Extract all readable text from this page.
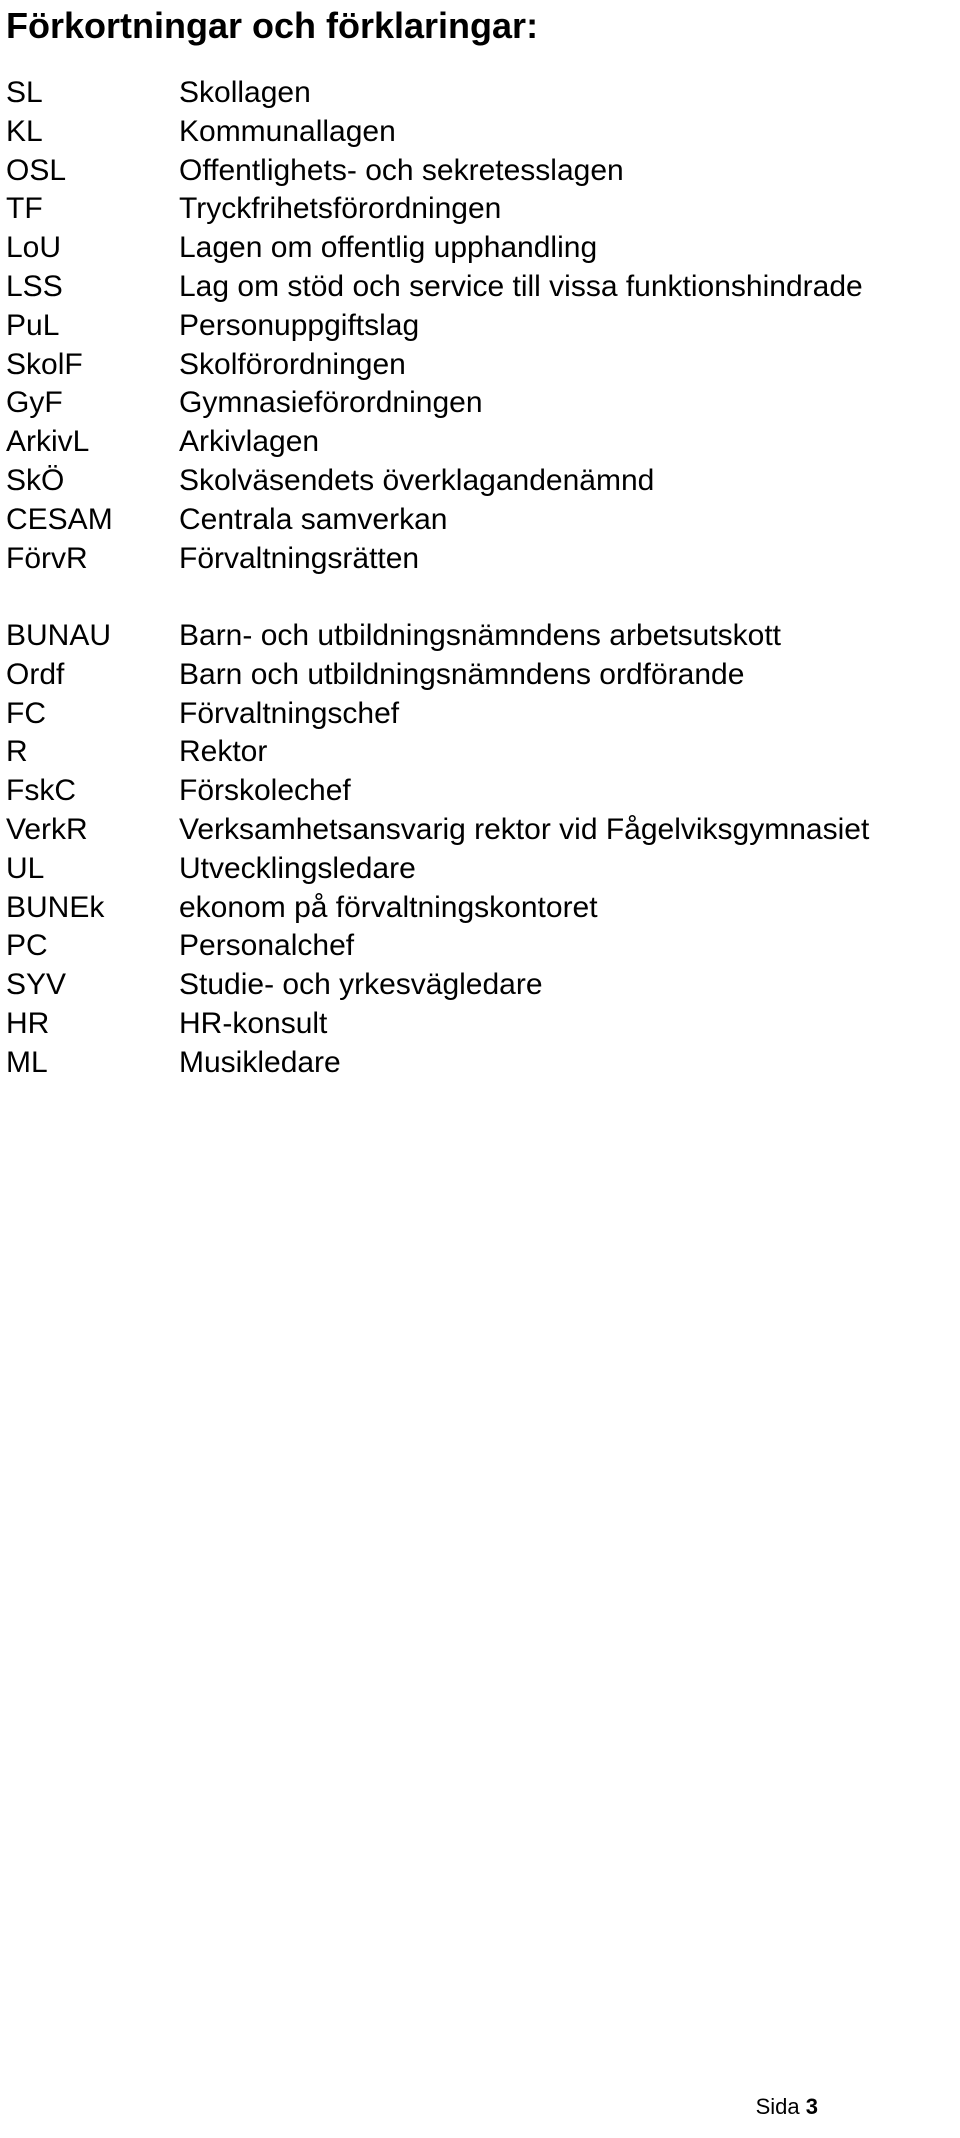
Förkortningar och förklaringar:
SL	Skollagen
KL	Kommunallagen
OSL	Offentlighets- och sekretesslagen
TF	Tryckfrihetsförordningen
LoU	Lagen om offentlig upphandling
LSS	Lag om stöd och service till vissa funktionshindrade
PuL	Personuppgiftslag
SkolF	Skolförordningen
GyF	Gymnasieförordningen
ArkivL	Arkivlagen
SkÖ	Skolväsendets överklagandenämnd
CESAM	Centrala samverkan
FörvR	Förvaltningsrätten
BUNAU	Barn- och utbildningsnämndens arbetsutskott
Ordf	Barn och utbildningsnämndens ordförande
FC	Förvaltningschef
R	Rektor
FskC	Förskolechef
VerkR	Verksamhetsansvarig rektor vid Fågelviksgymnasiet
UL	Utvecklingsledare
BUNEk	ekonom på förvaltningskontoret
PC	Personalchef
SYV	Studie- och yrkesvägledare
HR	HR-konsult
ML	Musikledare
Sida 3
